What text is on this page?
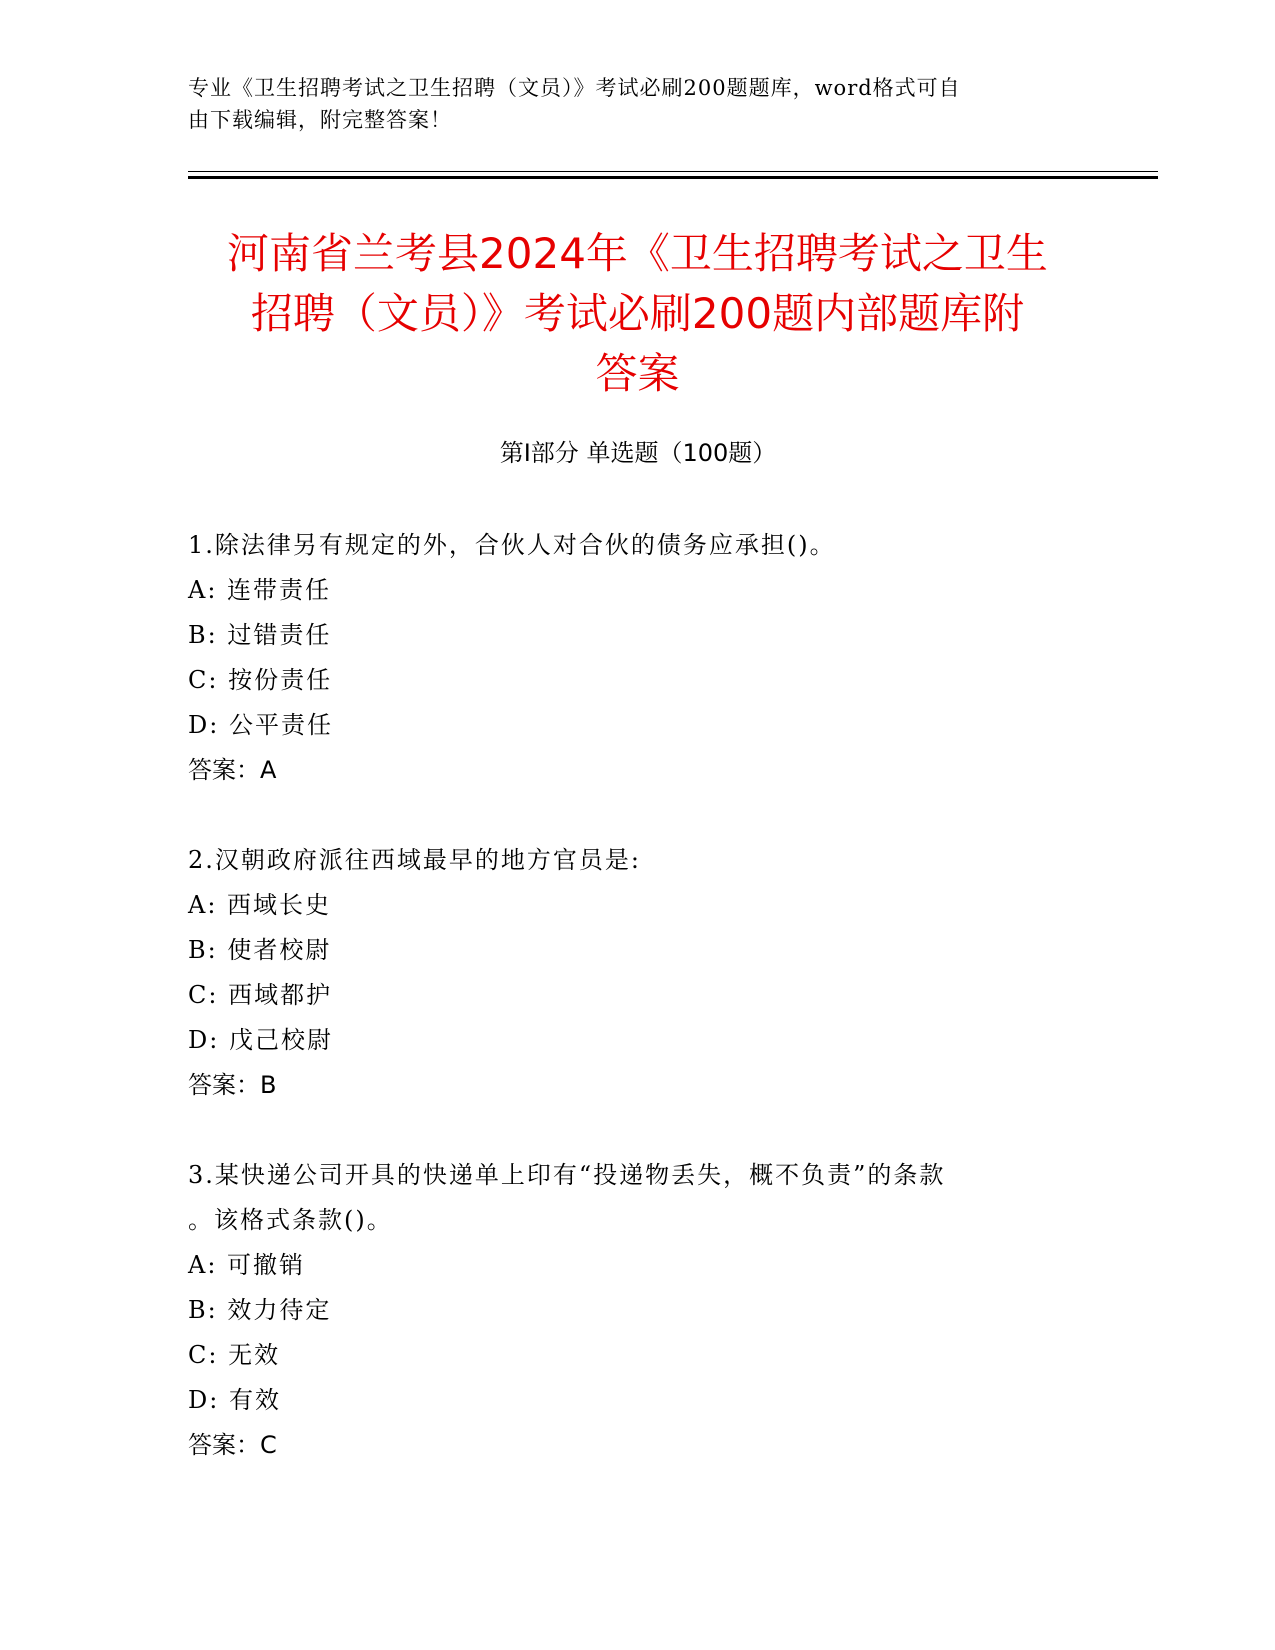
专业《卫生招聘考试之卫生招聘（文员）》考试必刷200题题库，word格式可自
由下载编辑，附完整答案！
河南省兰考县2024年《卫生招聘考试之卫生
招聘（文员）》考试必刷200题内部题库附
答案
第Ⅰ部分 单选题（100题）
1.除法律另有规定的外，合伙人对合伙的债务应承担()。
A: 连带责任
B: 过错责任
C: 按份责任
D: 公平责任
答案：A
2.汉朝政府派往西域最早的地方官员是:
A: 西域长史
B: 使者校尉
C: 西域都护
D: 戊己校尉
答案：B
3.某快递公司开具的快递单上印有“投递物丢失，概不负责”的条款
。该格式条款()。
A: 可撤销
B: 效力待定
C: 无效
D: 有效
答案：C
